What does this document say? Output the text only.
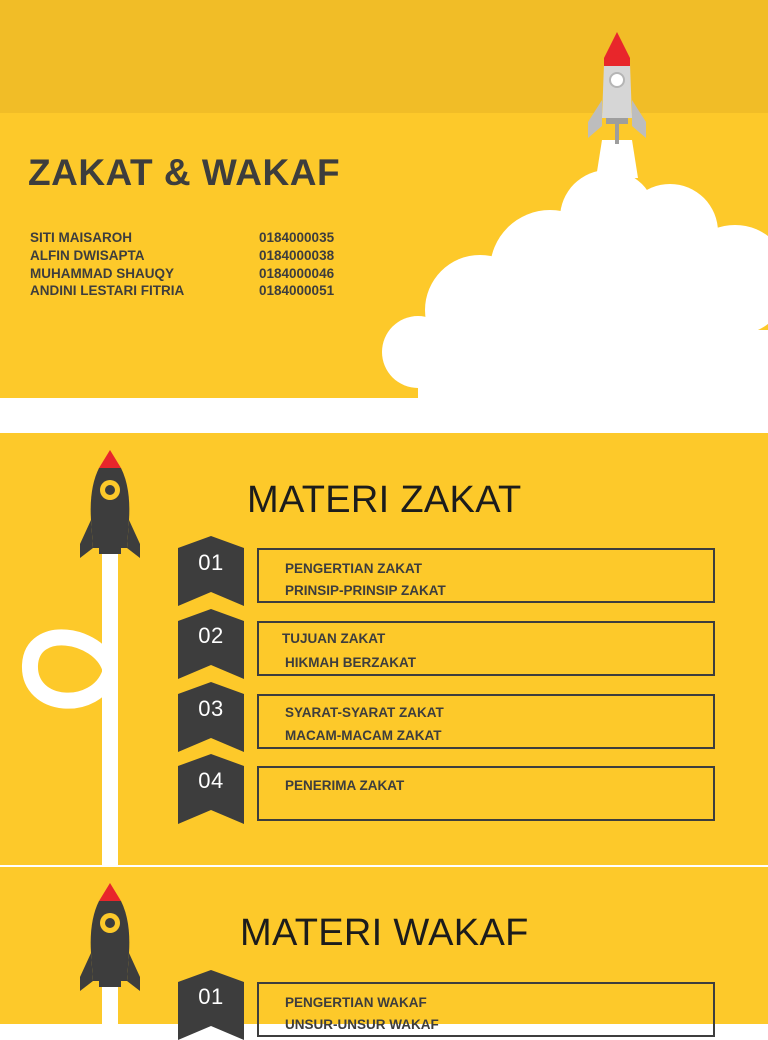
ZAKAT & WAKAF
SITI MAISAROH	0184000035
ALFIN DWISAPTA	0184000038
MUHAMMAD SHAUQY	0184000046
ANDINI LESTARI FITRIA	0184000051
MATERI ZAKAT
01	PENGERTIAN ZAKAT
PRINSIP-PRINSIP ZAKAT
02	TUJUAN ZAKAT
HIKMAH BERZAKAT
03	SYARAT-SYARAT ZAKAT
MACAM-MACAM ZAKAT
04	PENERIMA ZAKAT
MATERI WAKAF
01	PENGERTIAN WAKAF
UNSUR-UNSUR WAKAF
